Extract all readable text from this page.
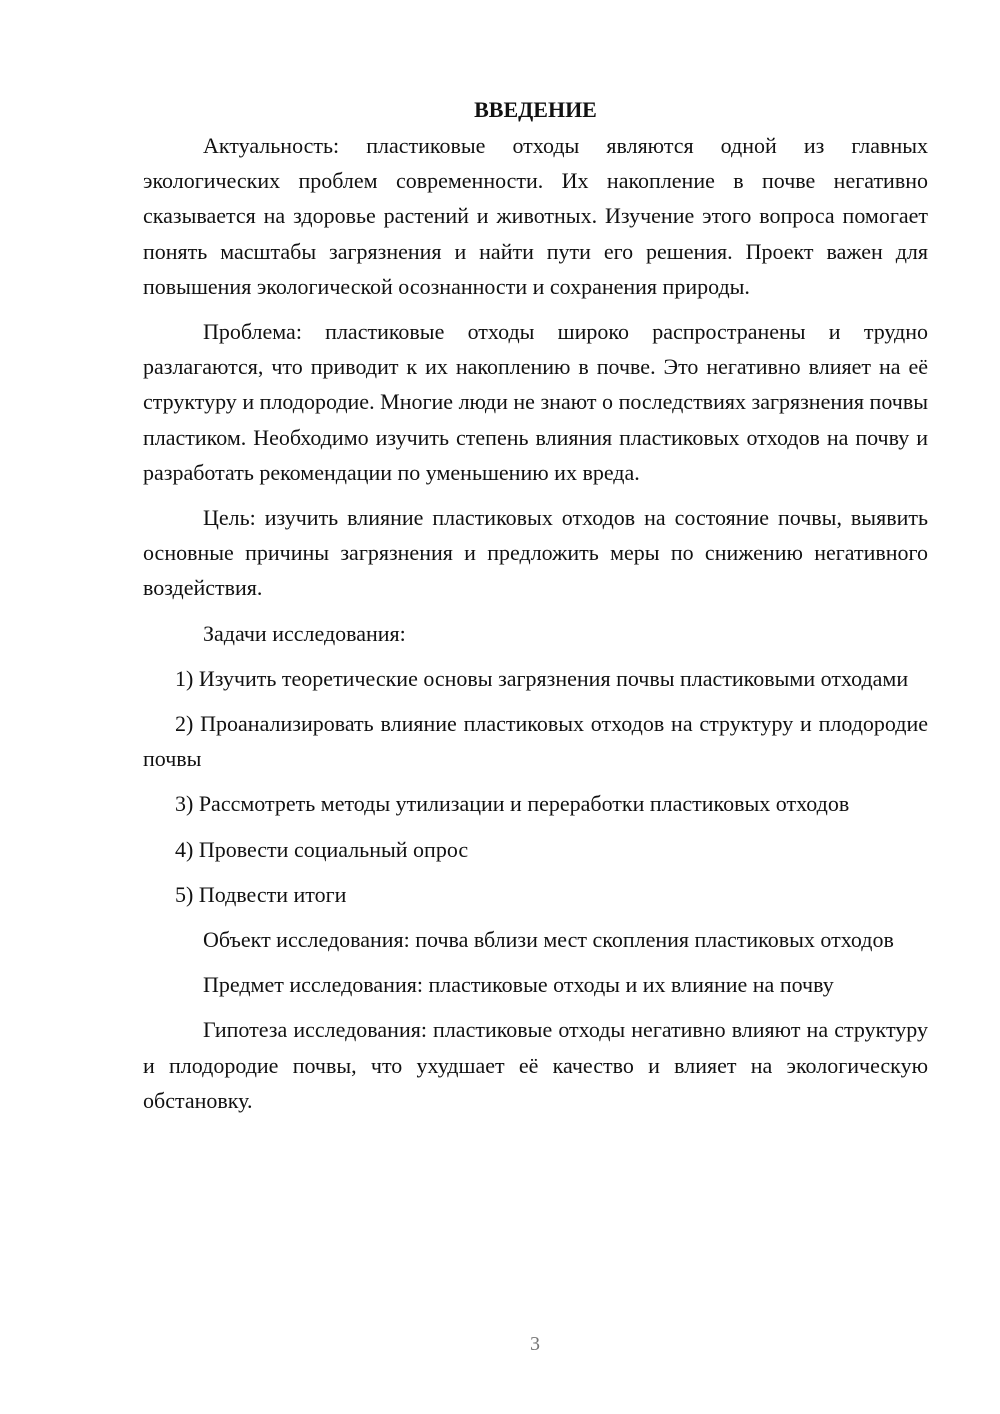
ВВЕДЕНИЕ

Актуальность: пластиковые отходы являются одной из главных экологических проблем современности. Их накопление в почве негативно сказывается на здоровье растений и животных. Изучение этого вопроса помогает понять масштабы загрязнения и найти пути его решения. Проект важен для повышения экологической осознанности и сохранения природы.

Проблема: пластиковые отходы широко распространены и трудно разлагаются, что приводит к их накоплению в почве. Это негативно влияет на её структуру и плодородие. Многие люди не знают о последствиях загрязнения почвы пластиком. Необходимо изучить степень влияния пластиковых отходов на почву и разработать рекомендации по уменьшению их вреда.

Цель: изучить влияние пластиковых отходов на состояние почвы, выявить основные причины загрязнения и предложить меры по снижению негативного воздействия.

Задачи исследования:

1) Изучить теоретические основы загрязнения почвы пластиковыми отходами

2) Проанализировать влияние пластиковых отходов на структуру и плодородие почвы

3) Рассмотреть методы утилизации и переработки пластиковых отходов

4) Провести социальный опрос

5) Подвести итоги

Объект исследования: почва вблизи мест скопления пластиковых отходов

Предмет исследования: пластиковые отходы и их влияние на почву

Гипотеза исследования: пластиковые отходы негативно влияют на структуру и плодородие почвы, что ухудшает её качество и влияет на экологическую обстановку.

3
